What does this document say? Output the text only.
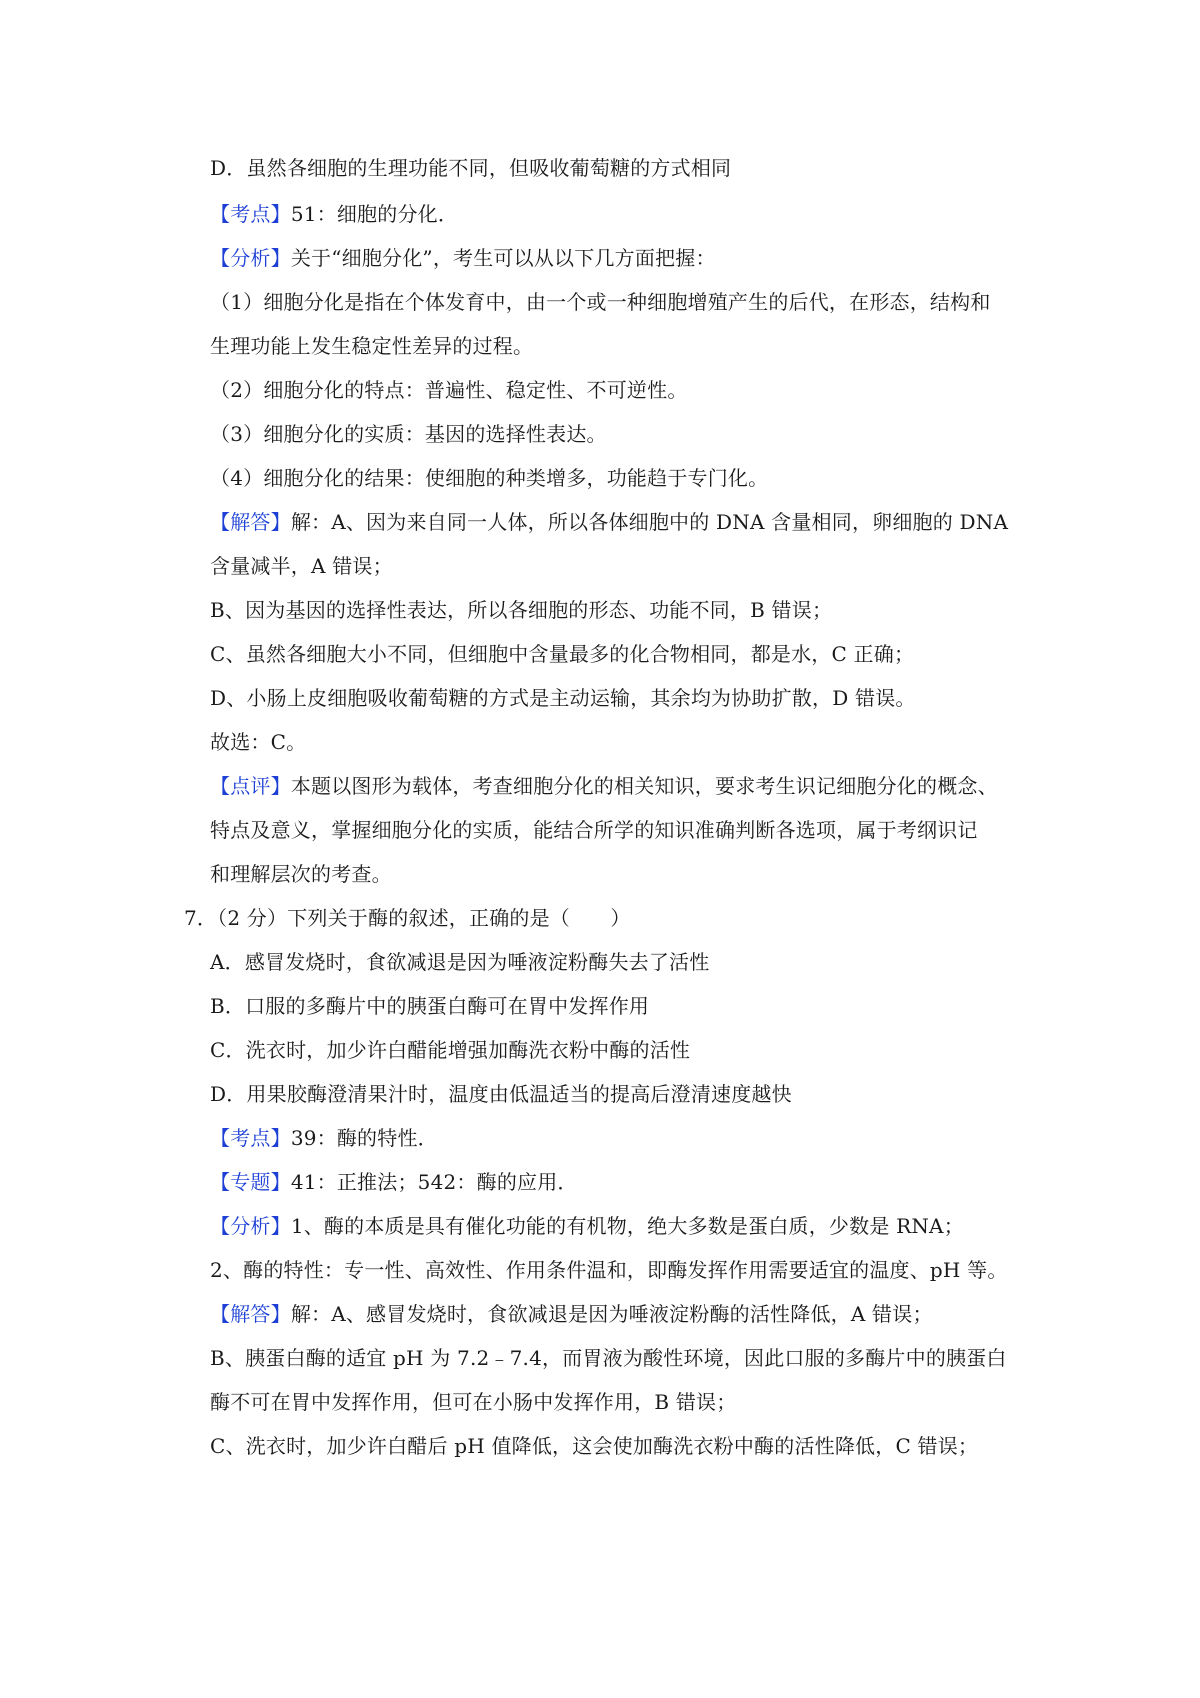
D．虽然各细胞的生理功能不同，但吸收葡萄糖的方式相同
【考点】51：细胞的分化．
【分析】关于“细胞分化”，考生可以从以下几方面把握：
（1）细胞分化是指在个体发育中，由一个或一种细胞增殖产生的后代，在形态，结构和
生理功能上发生稳定性差异的过程。
（2）细胞分化的特点：普遍性、稳定性、不可逆性。
（3）细胞分化的实质：基因的选择性表达。
（4）细胞分化的结果：使细胞的种类增多，功能趋于专门化。
【解答】解：A、因为来自同一人体，所以各体细胞中的 DNA 含量相同，卵细胞的 DNA
含量减半，A 错误；
B、因为基因的选择性表达，所以各细胞的形态、功能不同，B 错误；
C、虽然各细胞大小不同，但细胞中含量最多的化合物相同，都是水，C 正确；
D、小肠上皮细胞吸收葡萄糖的方式是主动运输，其余均为协助扩散，D 错误。
故选：C。
【点评】本题以图形为载体，考查细胞分化的相关知识，要求考生识记细胞分化的概念、
特点及意义，掌握细胞分化的实质，能结合所学的知识准确判断各选项，属于考纲识记
和理解层次的考查。
7．（2 分）下列关于酶的叙述，正确的是（　　）
A．感冒发烧时，食欲减退是因为唾液淀粉酶失去了活性
B．口服的多酶片中的胰蛋白酶可在胃中发挥作用
C．洗衣时，加少许白醋能增强加酶洗衣粉中酶的活性
D．用果胶酶澄清果汁时，温度由低温适当的提高后澄清速度越快
【考点】39：酶的特性．
【专题】41：正推法；542：酶的应用．
【分析】1、酶的本质是具有催化功能的有机物，绝大多数是蛋白质，少数是 RNA；
2、酶的特性：专一性、高效性、作用条件温和，即酶发挥作用需要适宜的温度、pH 等。
【解答】解：A、感冒发烧时，食欲减退是因为唾液淀粉酶的活性降低，A 错误；
B、胰蛋白酶的适宜 pH 为 7.2﹣7.4，而胃液为酸性环境，因此口服的多酶片中的胰蛋白
酶不可在胃中发挥作用，但可在小肠中发挥作用，B 错误；
C、洗衣时，加少许白醋后 pH 值降低，这会使加酶洗衣粉中酶的活性降低，C 错误；
